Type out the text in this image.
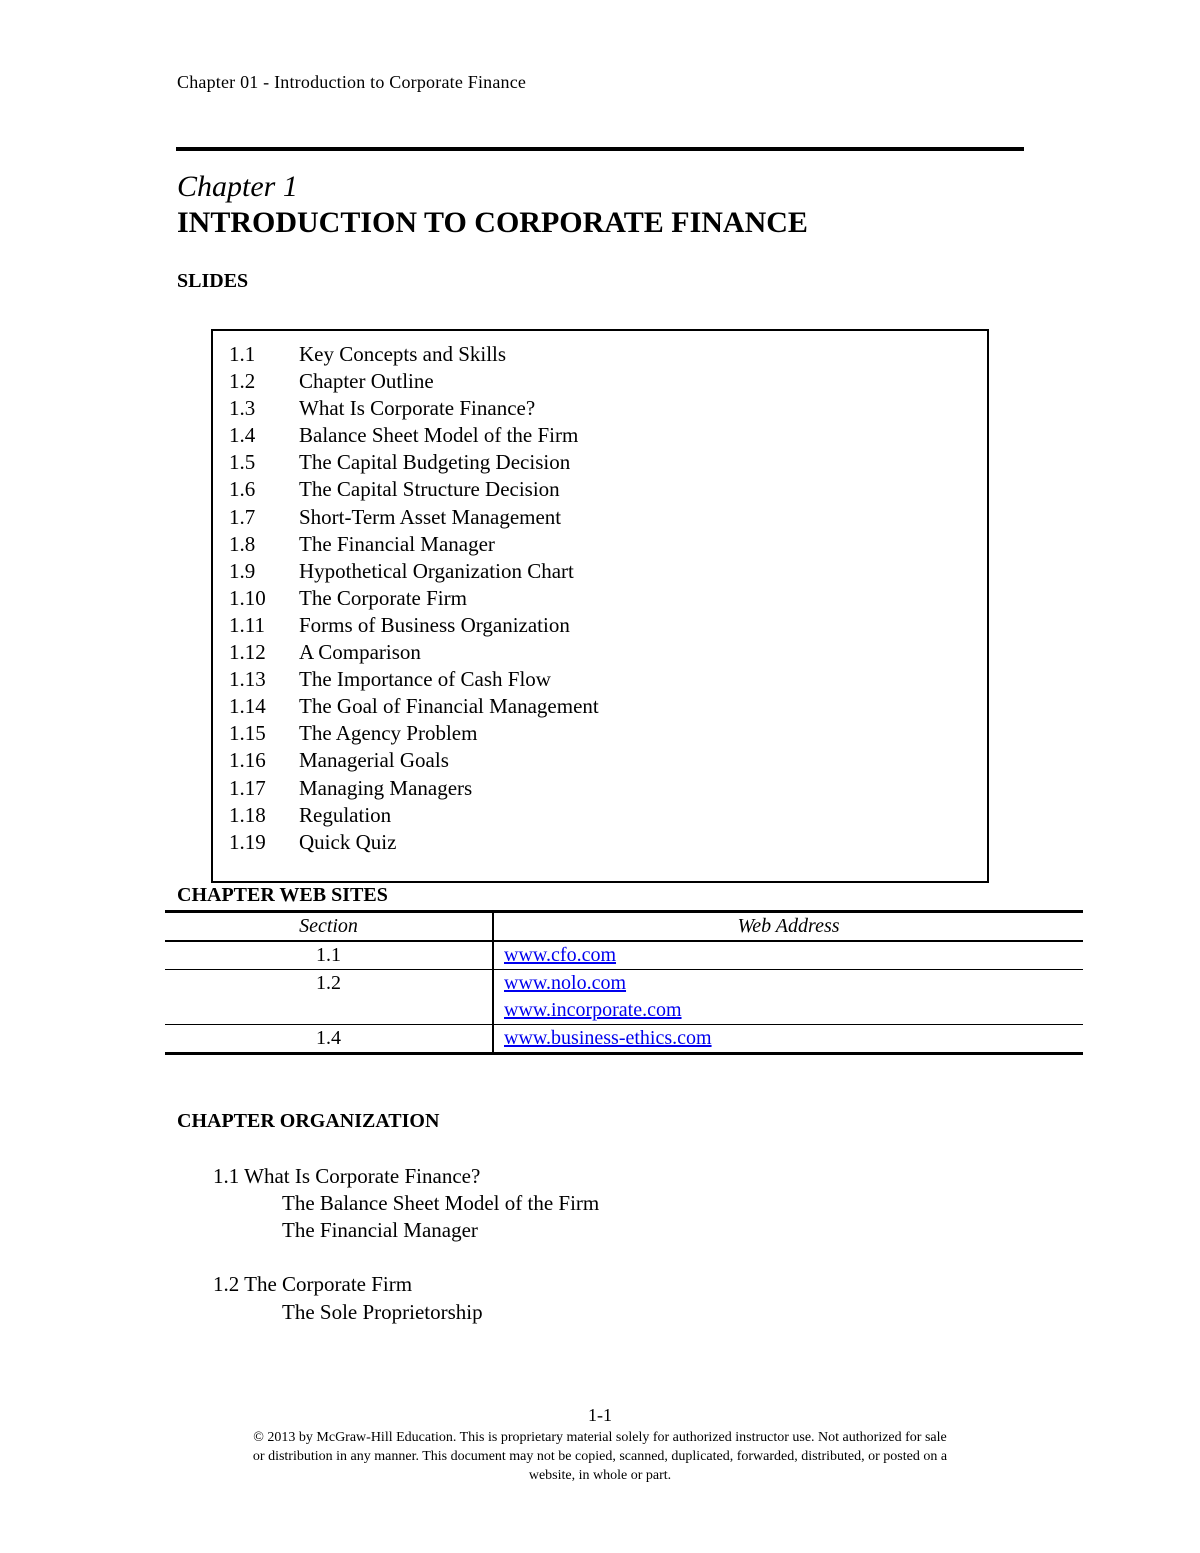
Chapter 01 - Introduction to Corporate Finance
Chapter 1
INTRODUCTION TO CORPORATE FINANCE
SLIDES
1.1 Key Concepts and Skills
1.2 Chapter Outline
1.3 What Is Corporate Finance?
1.4 Balance Sheet Model of the Firm
1.5 The Capital Budgeting Decision
1.6 The Capital Structure Decision
1.7 Short-Term Asset Management
1.8 The Financial Manager
1.9 Hypothetical Organization Chart
1.10 The Corporate Firm
1.11 Forms of Business Organization
1.12 A Comparison
1.13 The Importance of Cash Flow
1.14 The Goal of Financial Management
1.15 The Agency Problem
1.16 Managerial Goals
1.17 Managing Managers
1.18 Regulation
1.19 Quick Quiz
CHAPTER WEB SITES
Section	Web Address
1.1	www.cfo.com

1.2	www.nolo.com
www.incorporate.com

1.4	www.business-ethics.com
CHAPTER ORGANIZATION
1.1 What Is Corporate Finance?
The Balance Sheet Model of the Firm
The Financial Manager
1.2 The Corporate Firm
The Sole Proprietorship
1-1
© 2013 by McGraw-Hill Education. This is proprietary material solely for authorized instructor use. Not authorized for sale
or distribution in any manner. This document may not be copied, scanned, duplicated, forwarded, distributed, or posted on a
website, in whole or part.
